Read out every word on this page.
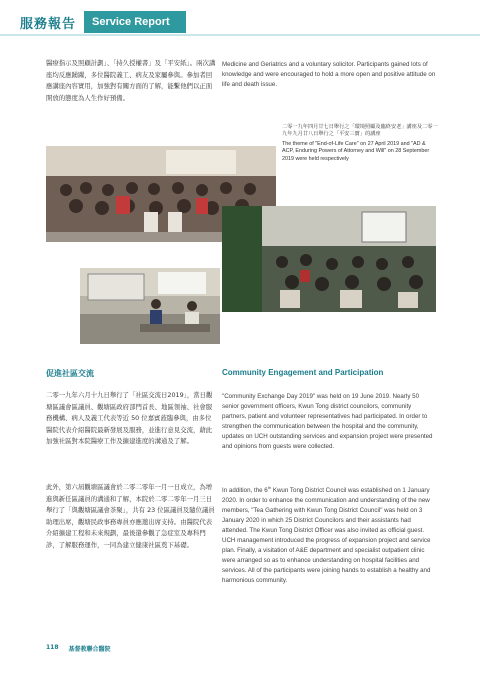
服務報告	Service Report

醫療指示及照顧計劃」、「持久授權書」及「平安紙」。兩次講座均反應踴躍，多位醫院義工、病友及家屬參與。參加者回應講座內容實用，加強對有關方面的了解，能繫他們以正面開放的態度為人生作好預備。

Medicine and Geriatrics and a voluntary solicitor. Participants gained lots of knowledge and were encouraged to hold a more open and positive attitude on life and death issue.

二零一九年四月廿七日舉行之「環境照顧及臨終安老」講座及二零一九年九月廿八日舉行之「平安三寶」的講座

The theme of "End-of-Life Care" on 27 April 2019 and "AD & ACP, Enduring Powers of Attorney and Will" on 28 September 2019 were held respectively

促進社區交流	Community Engagement and Participation

二零一九年六月十九日舉行了「社區交流日2019」，當日觀塘區議會區議員、觀塘區政府部門首長、地區領袖、社會服務機構、病人及義工代表等近 50 位嘉賓蒞臨參與，由多位醫院代表介紹醫院最新發展及服務，並進行意見交流，藉此加強社區對本院醫療工作及擴建進度的溝通及了解。

"Community Exchange Day 2019" was held on 19 June 2019. Nearly 50 senior government officers, Kwun Tong district councilors, community partners, patient and volunteer representatives had participated. In order to strengthen the communication between the hospital and the community, updates on UCH outstanding services and expansion project were presented and opinions from guests were collected.

此外，第六屆觀塘區議會於二零二零年一月一日成立，為增進與新任區議員的溝通和了解，本院於二零二零年一月三日舉行了「與觀塘區議會茶聚」，共有 23 位區議員及隨位議員助理出席，觀塘民政事務專員亦應邀出席支持。由醫院代表介紹擴建工程和未來規劃，最後還參觀了急症室及專科門診，了解服務運作，一同為建立健康社區奠下基礎。

In addition, the 6th Kwun Tong District Council was established on 1 January 2020. In order to enhance the communication and understanding of the new members, "Tea Gathering with Kwun Tong District Council" was held on 3 January 2020 in which 25 District Councilors and their assistants had attended. The Kwun Tong District Officer was also invited as official guest. UCH management introduced the progress of expansion project and service plan. Finally, a visitation of A&E department and specialist outpatient clinic were arranged so as to enhance understanding on hospital facilities and services. All of the participants were joining hands to establish a healthy and harmonious community.

118 基督教聯合醫院
